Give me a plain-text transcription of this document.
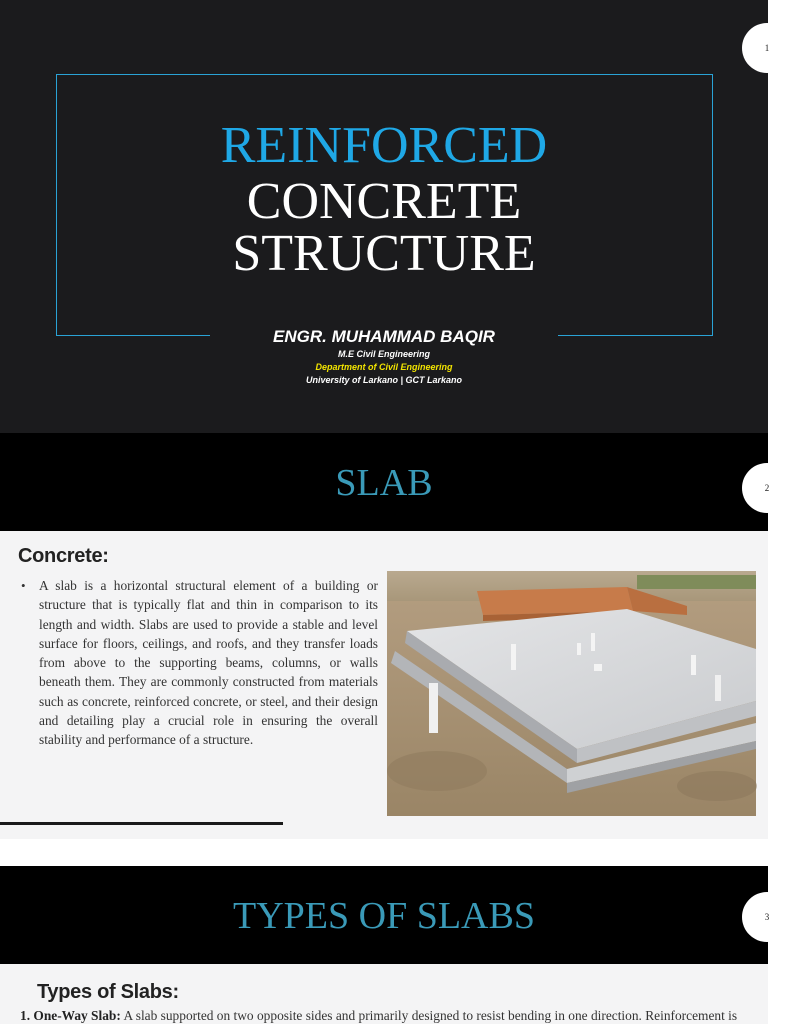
REINFORCED
CONCRETE
STRUCTURE
ENGR. MUHAMMAD BAQIR
M.E Civil Engineering
Department of Civil Engineering
University of Larkano | GCT Larkano
1
SLAB	2
Concrete:
• A slab is a horizontal structural element of a building or structure that is typically flat and thin in comparison to its length and width. Slabs are used to provide a stable and level surface for floors, ceilings, and roofs, and they transfer loads from above to the supporting beams, columns, or walls beneath them. They are commonly constructed from materials such as concrete, reinforced concrete, or steel, and their design and detailing play a crucial role in ensuring the overall stability and performance of a structure.
TYPES OF SLABS	3
Types of Slabs:
1. One-Way Slab: A slab supported on two opposite sides and primarily designed to resist bending in one direction. Reinforcement is
